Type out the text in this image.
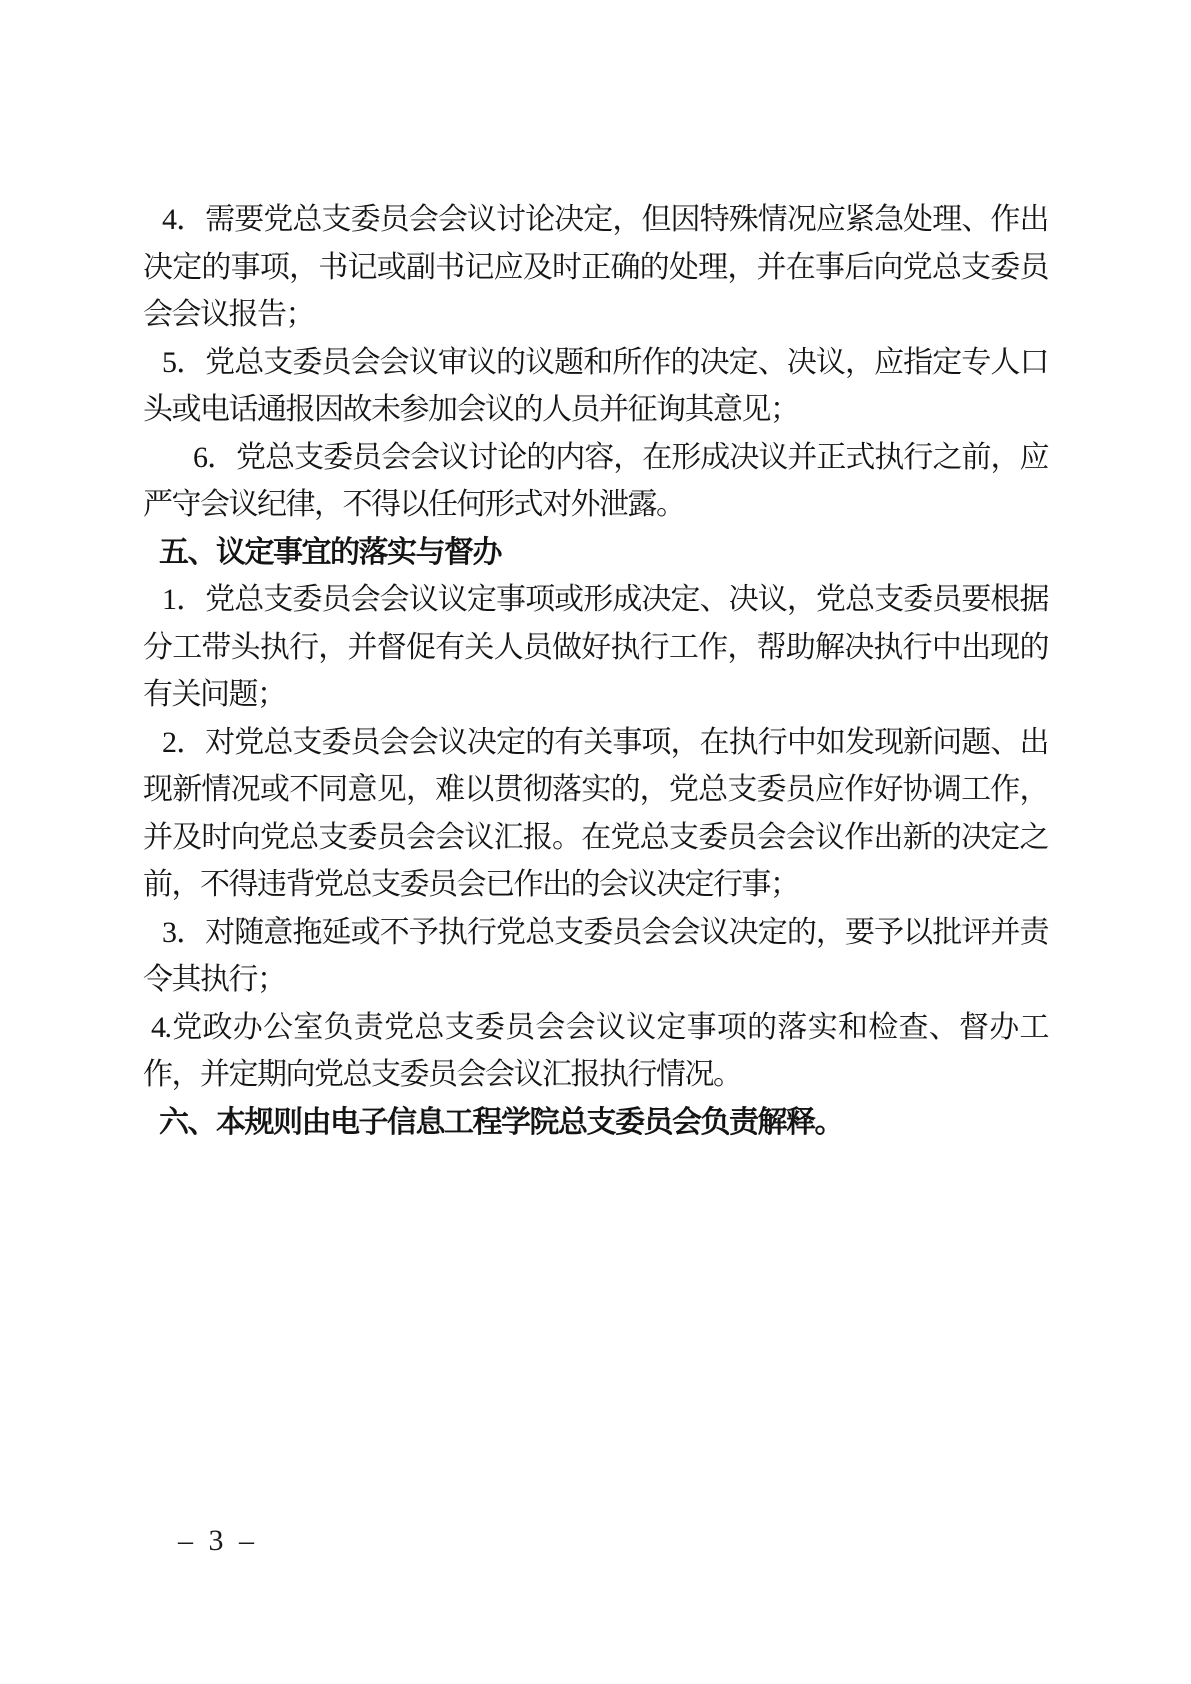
4．需要党总支委员会会议讨论决定，但因特殊情况应紧急处理、作出决定的事项，书记或副书记应及时正确的处理，并在事后向党总支委员会会议报告；

5．党总支委员会会议审议的议题和所作的决定、决议，应指定专人口头或电话通报因故未参加会议的人员并征询其意见；

6．党总支委员会会议讨论的内容，在形成决议并正式执行之前，应严守会议纪律，不得以任何形式对外泄露。

五、议定事宜的落实与督办

1．党总支委员会会议议定事项或形成决定、决议，党总支委员要根据分工带头执行，并督促有关人员做好执行工作，帮助解决执行中出现的有关问题；

2．对党总支委员会会议决定的有关事项，在执行中如发现新问题、出现新情况或不同意见，难以贯彻落实的，党总支委员应作好协调工作，并及时向党总支委员会会议汇报。在党总支委员会会议作出新的决定之前，不得违背党总支委员会已作出的会议决定行事；

3．对随意拖延或不予执行党总支委员会会议决定的，要予以批评并责令其执行；

4.党政办公室负责党总支委员会会议议定事项的落实和检查、督办工作，并定期向党总支委员会会议汇报执行情况。

六、本规则由电子信息工程学院总支委员会负责解释。

– 3 –
